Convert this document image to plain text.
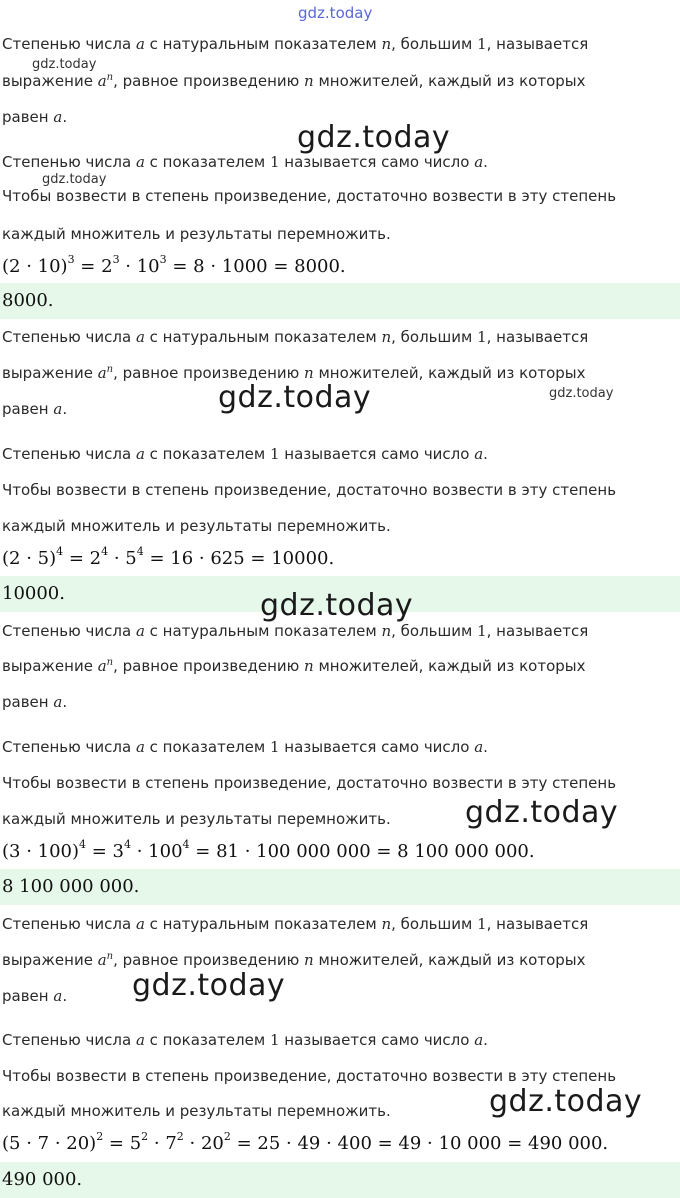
gdz.today
Степенью числа a с натуральным показателем n, большим 1, называется
gdz.today
выражение $a^n$, равное произведению n множителей, каждый из которых
равен a.
gdz.today
Степенью числа a с показателем 1 называется само число a.
gdz.today
Чтобы возвести в степень произведение, достаточно возвести в эту степень
каждый множитель и результаты перемножить.
$(2 \cdot 10)^3 = 2^3 \cdot 10^3 = 8 \cdot 1000 = 8000$.
8000.
Степенью числа a с натуральным показателем n, большим 1, называется
выражение $a^n$, равное произведению n множителей, каждый из которых
gdz.today	gdz.today
равен a.
Степенью числа a с показателем 1 называется само число a.
Чтобы возвести в степень произведение, достаточно возвести в эту степень
каждый множитель и результаты перемножить.
$(2 \cdot 5)^4 = 2^4 \cdot 5^4 = 16 \cdot 625 = 10000$.
10000.	gdz.today
Степенью числа a с натуральным показателем n, большим 1, называется
выражение $a^n$, равное произведению n множителей, каждый из которых
равен a.
Степенью числа a с показателем 1 называется само число a.
Чтобы возвести в степень произведение, достаточно возвести в эту степень
gdz.today
каждый множитель и результаты перемножить.
$(3 \cdot 100)^4 = 3^4 \cdot 100^4 = 81 \cdot 100$ 000 000 = 8 100 000 000.
8 100 000 000.
Степенью числа a с натуральным показателем n, большим 1, называется
выражение $a^n$, равное произведению n множителей, каждый из которых
gdz.today
равен a.
Степенью числа a с показателем 1 называется само число a.
Чтобы возвести в степень произведение, достаточно возвести в эту степень
gdz.today
каждый множитель и результаты перемножить.
$(5 \cdot 7 \cdot 20)^2 = 5^2 \cdot 7^2 \cdot 20^2 = 25 \cdot 49 \cdot 400 = 49 \cdot 10$ 000 = 490 000.
490 000.
